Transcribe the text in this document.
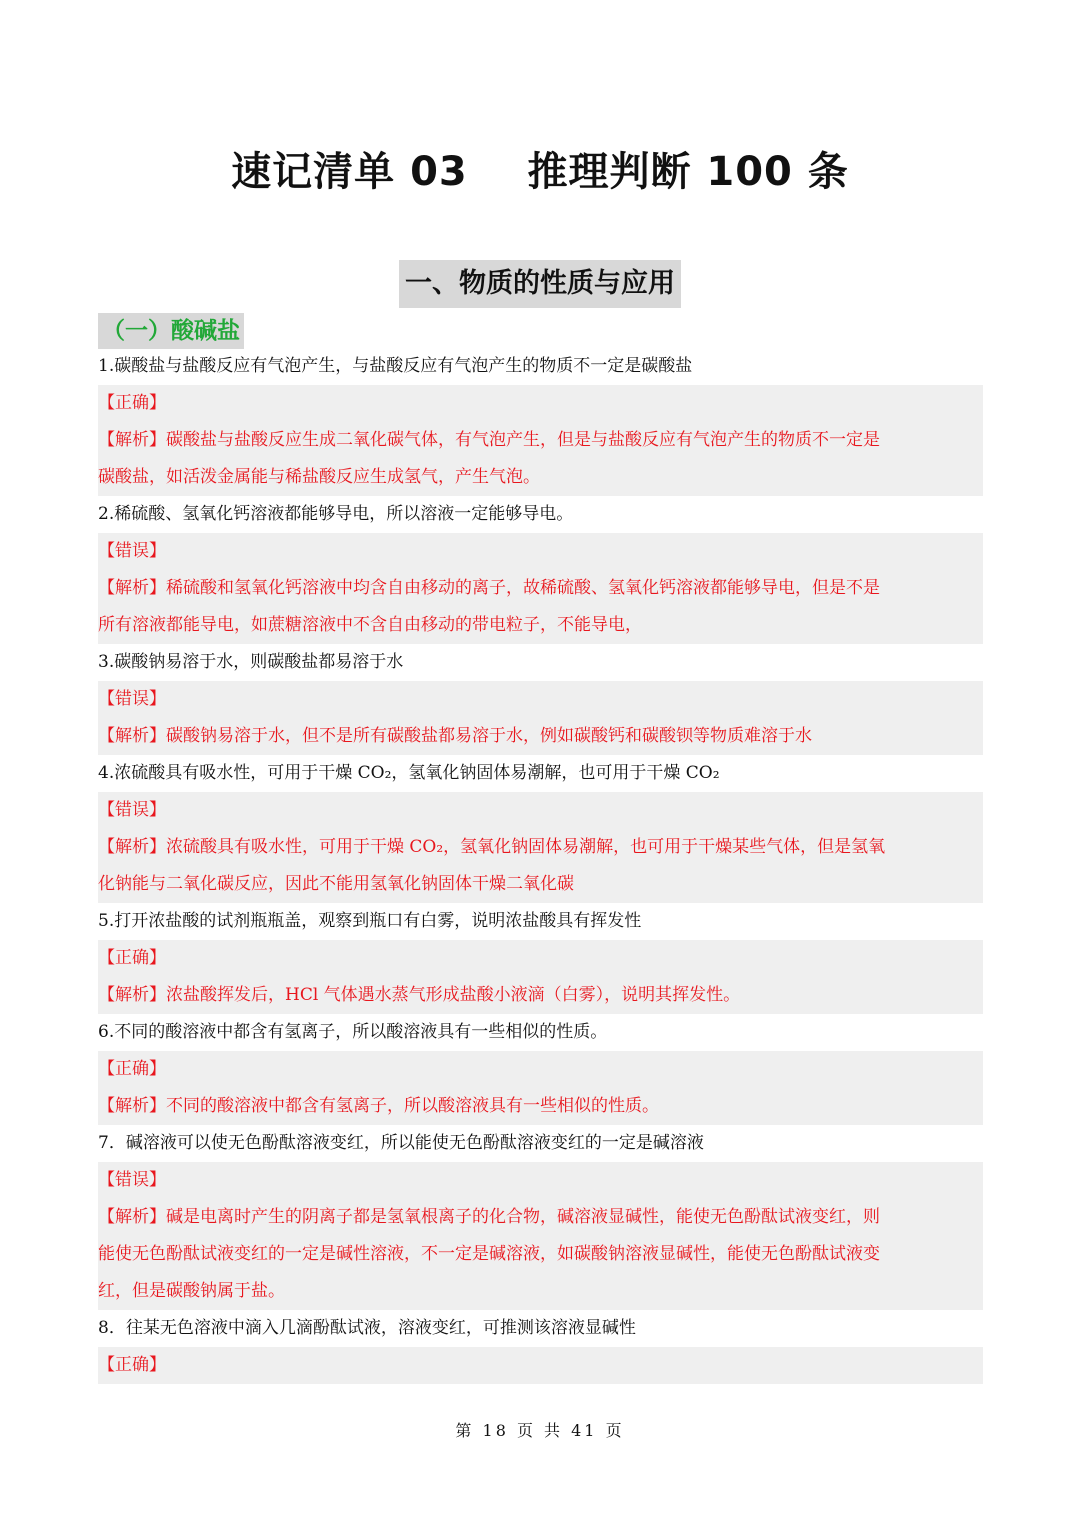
速记清单 03    推理判断 100 条
一、物质的性质与应用
（一）酸碱盐
1.碳酸盐与盐酸反应有气泡产生，与盐酸反应有气泡产生的物质不一定是碳酸盐
【正确】
【解析】碳酸盐与盐酸反应生成二氧化碳气体，有气泡产生，但是与盐酸反应有气泡产生的物质不一定是
碳酸盐，如活泼金属能与稀盐酸反应生成氢气，产生气泡。
2.稀硫酸、氢氧化钙溶液都能够导电，所以溶液一定能够导电。
【错误】
【解析】稀硫酸和氢氧化钙溶液中均含自由移动的离子，故稀硫酸、氢氧化钙溶液都能够导电，但是不是
所有溶液都能导电，如蔗糖溶液中不含自由移动的带电粒子，不能导电，
3.碳酸钠易溶于水，则碳酸盐都易溶于水
【错误】
【解析】碳酸钠易溶于水，但不是所有碳酸盐都易溶于水，例如碳酸钙和碳酸钡等物质难溶于水
4.浓硫酸具有吸水性，可用于干燥 CO₂，氢氧化钠固体易潮解，也可用于干燥 CO₂
【错误】
【解析】浓硫酸具有吸水性，可用于干燥 CO₂，氢氧化钠固体易潮解，也可用于干燥某些气体，但是氢氧
化钠能与二氧化碳反应，因此不能用氢氧化钠固体干燥二氧化碳
5.打开浓盐酸的试剂瓶瓶盖，观察到瓶口有白雾，说明浓盐酸具有挥发性
【正确】
【解析】浓盐酸挥发后，HCl 气体遇水蒸气形成盐酸小液滴（白雾），说明其挥发性。
6.不同的酸溶液中都含有氢离子，所以酸溶液具有一些相似的性质。
【正确】
【解析】不同的酸溶液中都含有氢离子，所以酸溶液具有一些相似的性质。
7．碱溶液可以使无色酚酞溶液变红，所以能使无色酚酞溶液变红的一定是碱溶液
【错误】
【解析】碱是电离时产生的阴离子都是氢氧根离子的化合物，碱溶液显碱性，能使无色酚酞试液变红，则
能使无色酚酞试液变红的一定是碱性溶液，不一定是碱溶液，如碳酸钠溶液显碱性，能使无色酚酞试液变
红，但是碳酸钠属于盐。
8．往某无色溶液中滴入几滴酚酞试液，溶液变红，可推测该溶液显碱性
【正确】
第 18 页 共 41 页
